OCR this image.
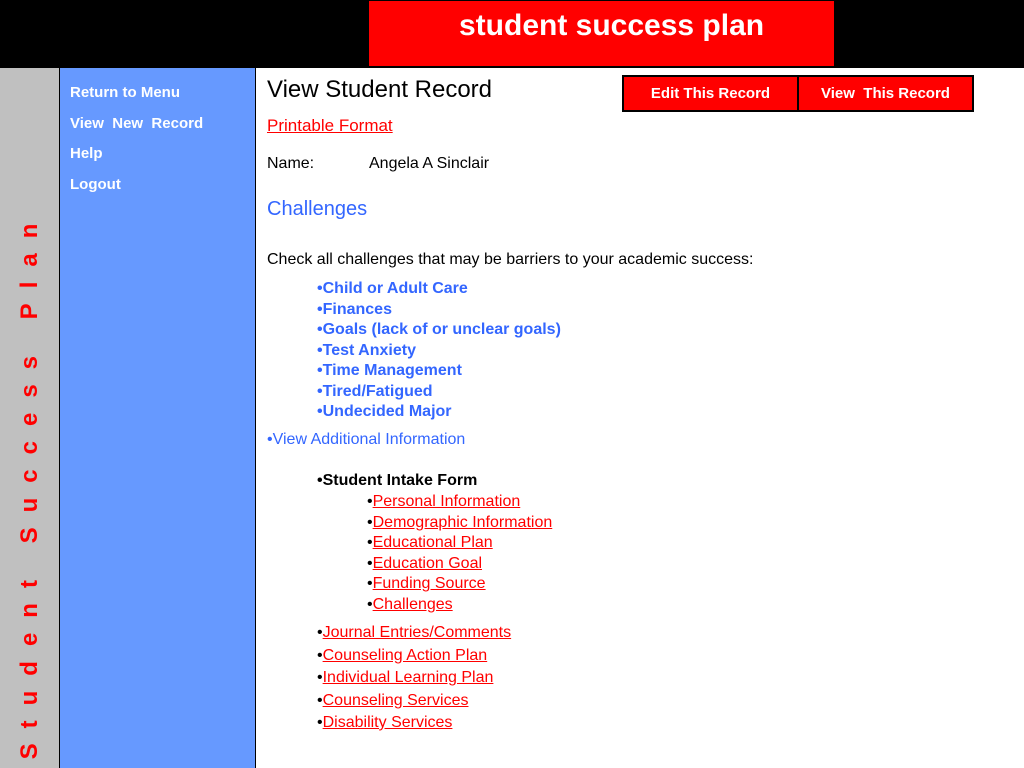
student success plan
Student Success Plan
Return to Menu
View  New  Record
Help
Logout
View Student Record	Edit This Record	View  This Record
Printable Format
Name:	Angela A Sinclair
Challenges
Check all challenges that may be barriers to your academic success:
•Child or Adult Care
•Finances
•Goals (lack of or unclear goals)
•Test Anxiety
•Time Management
•Tired/Fatigued
•Undecided Major
•View Additional Information
•Student Intake Form
•Personal Information
•Demographic Information
•Educational Plan
•Education Goal
•Funding Source
•Challenges
•Journal Entries/Comments
•Counseling Action Plan
•Individual Learning Plan
•Counseling Services
•Disability Services
